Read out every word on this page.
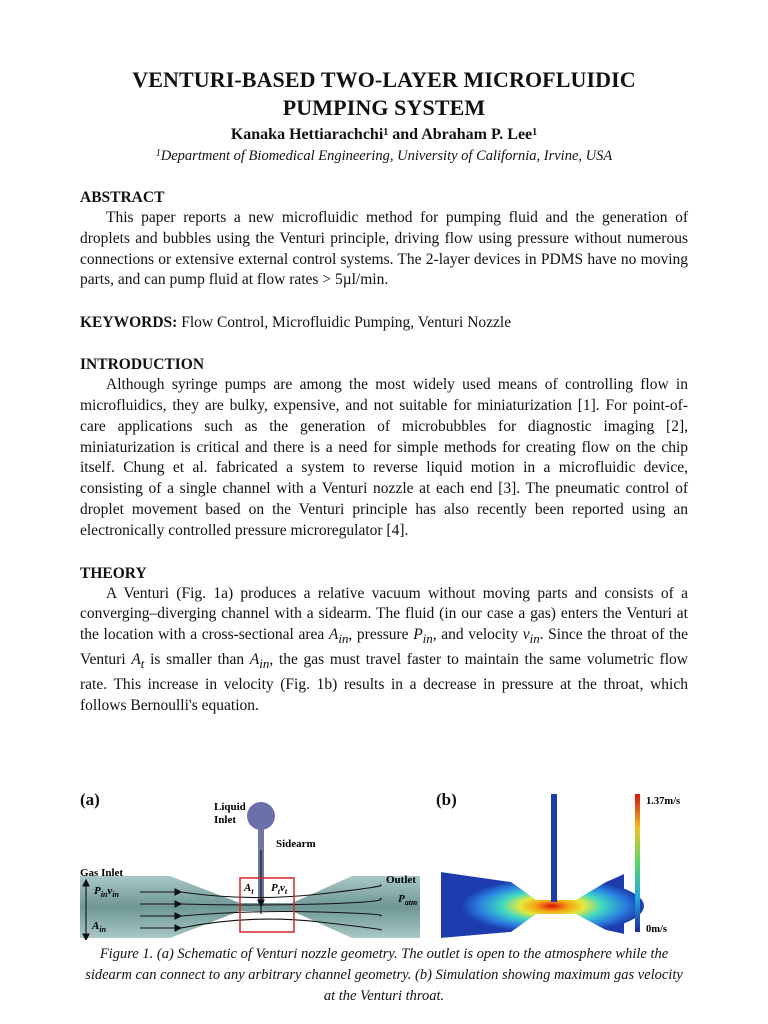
VENTURI-BASED TWO-LAYER MICROFLUIDIC PUMPING SYSTEM
Kanaka Hettiarachchi$^1$ and Abraham P. Lee$^1$
$^1$Department of Biomedical Engineering, University of California, Irvine, USA
ABSTRACT

This paper reports a new microfluidic method for pumping fluid and the generation of droplets and bubbles using the Venturi principle, driving flow using pressure without numerous connections or extensive external control systems. The 2-layer devices in PDMS have no moving parts, and can pump fluid at flow rates > 5µl/min.

KEYWORDS: Flow Control, Microfluidic Pumping, Venturi Nozzle
INTRODUCTION

Although syringe pumps are among the most widely used means of controlling flow in microfluidics, they are bulky, expensive, and not suitable for miniaturization [1]. For point-of-care applications such as the generation of microbubbles for diagnostic imaging [2], miniaturization is critical and there is a need for simple methods for creating flow on the chip itself. Chung et al. fabricated a system to reverse liquid motion in a microfluidic device, consisting of a single channel with a Venturi nozzle at each end [3]. The pneumatic control of droplet movement based on the Venturi principle has also recently been reported using an electronically controlled pressure microregulator [4].

THEORY

A Venturi (Fig. 1a) produces a relative vacuum without moving parts and consists of a converging–diverging channel with a sidearm. The fluid (in our case a gas) enters the Venturi at the location with a cross-sectional area $A_{in}$, pressure $P_{in}$, and velocity $v_{in}$. Since the throat of the Venturi $A_t$ is smaller than $A_{in}$, the gas must travel faster to maintain the same volumetric flow rate. This increase in velocity (Fig. 1b) results in a decrease in pressure at the throat, which follows Bernoulli's equation.

(a)	(b)
Liquid
Inlet
Sidearm
Gas Inlet
Outlet
$P_{in}v_{in}$
$A_{in}$
$A_t$ $P_tv_t$
$P_{atm}$
1.37m/s
0m/s
Figure 1. (a) Schematic of Venturi nozzle geometry. The outlet is open to the atmosphere while the sidearm can connect to any arbitrary channel geometry. (b) Simulation showing maximum gas velocity at the Venturi throat.
